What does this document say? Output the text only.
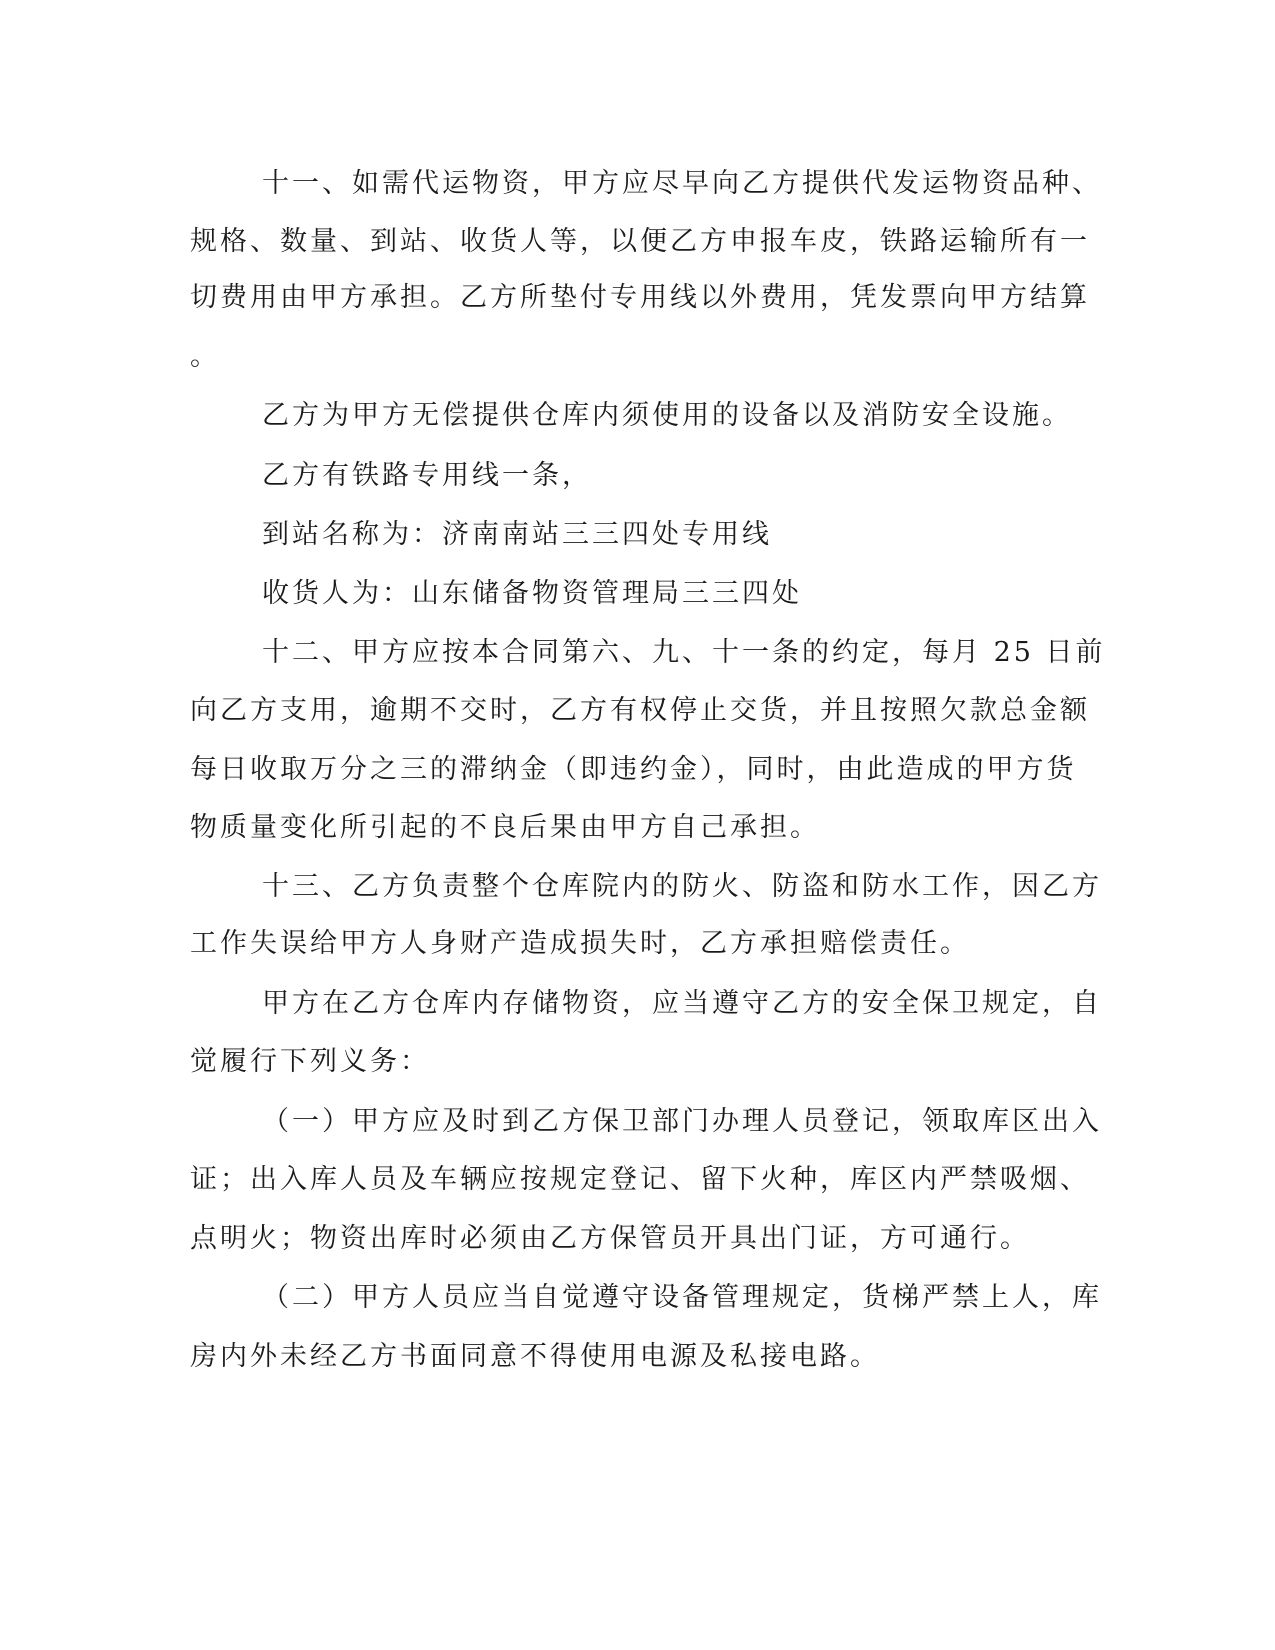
十一、如需代运物资，甲方应尽早向乙方提供代发运物资品种、
规格、数量、到站、收货人等，以便乙方申报车皮，铁路运输所有一
切费用由甲方承担。乙方所垫付专用线以外费用，凭发票向甲方结算
。
乙方为甲方无偿提供仓库内须使用的设备以及消防安全设施。
乙方有铁路专用线一条，
到站名称为：济南南站三三四处专用线
收货人为：山东储备物资管理局三三四处
十二、甲方应按本合同第六、九、十一条的约定，每月 25 日前
向乙方支用，逾期不交时，乙方有权停止交货，并且按照欠款总金额
每日收取万分之三的滞纳金（即违约金），同时，由此造成的甲方货
物质量变化所引起的不良后果由甲方自己承担。
十三、乙方负责整个仓库院内的防火、防盗和防水工作，因乙方
工作失误给甲方人身财产造成损失时，乙方承担赔偿责任。
甲方在乙方仓库内存储物资，应当遵守乙方的安全保卫规定，自
觉履行下列义务：
（一）甲方应及时到乙方保卫部门办理人员登记，领取库区出入
证；出入库人员及车辆应按规定登记、留下火种，库区内严禁吸烟、
点明火；物资出库时必须由乙方保管员开具出门证，方可通行。
（二）甲方人员应当自觉遵守设备管理规定，货梯严禁上人，库
房内外未经乙方书面同意不得使用电源及私接电路。
